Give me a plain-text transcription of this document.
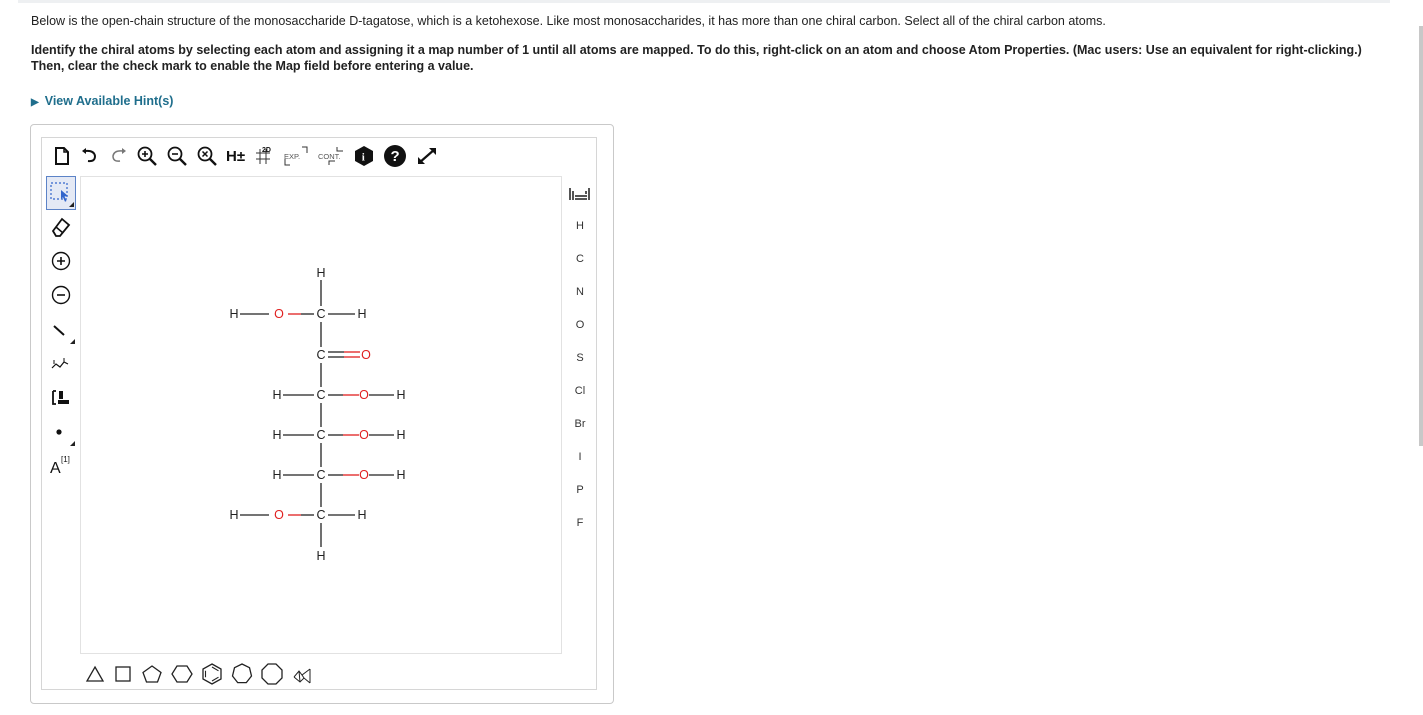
Below is the open-chain structure of the monosaccharide D-tagatose, which is a ketohexose. Like most monosaccharides, it has more than one chiral carbon. Select all of the chiral carbon atoms.
Identify the chiral atoms by selecting each atom and assigning it a map number of 1 until all atoms are mapped. To do this, right-click on an atom and choose Atom Properties. (Mac users: Use an equivalent for right-clicking.) Then, clear the check mark to enable the Map field before entering a value.
▶ View Available Hint(s)
H± 2D
EXP. CONT. i ?
A
[1]
H
H	O	C	H
C	O
H	C	O H
H	C	O H
H	C	O H
H	O	C	H
H
H
C
N
O
S
Cl
Br
I
P
F
